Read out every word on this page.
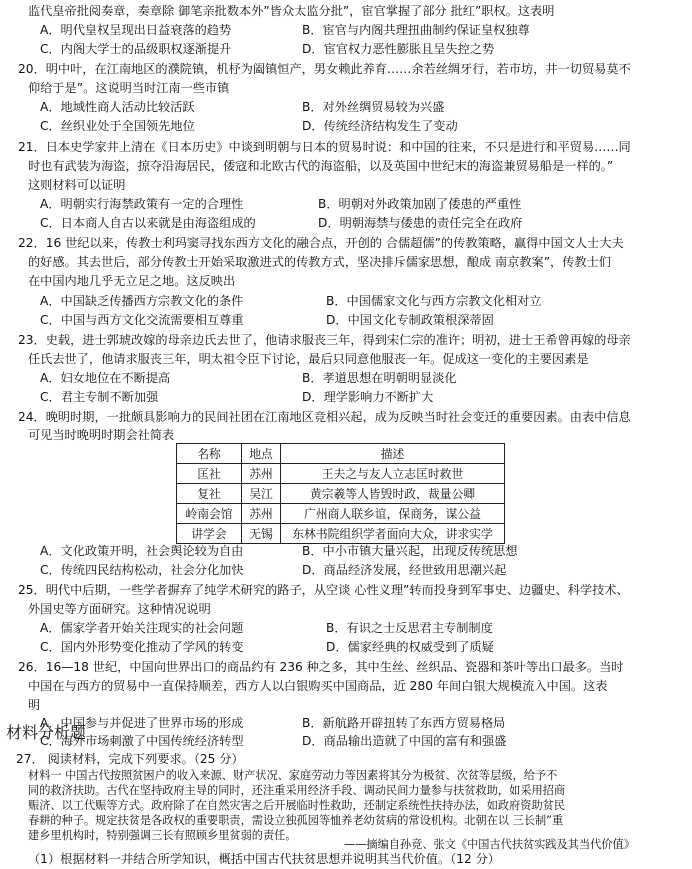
监代皇帝批阅奏章，奏章除 御笔亲批数本外”皆众太监分批”，宦官掌握了部分 批红”职权。这表明
A．明代皇权呈现出日益衰落的趋势	B．宦官与内阁共理扭曲制约保证皇权独尊
C．内阁大学士的品级职权逐渐提升	D．宦官权力恶性膨胀且呈失控之势
20．明中叶，在江南地区的濮院镇，机杼为阖镇恒产，男女赖此养育……余若丝绸牙行，若市坊，井一切贸易莫不
仰给于是”。这说明当时江南一些市镇
A．地域性商人活动比较活跃	B．对外丝绸贸易较为兴盛
C．丝织业处于全国领先地位	D．传统经济结构发生了变动
21．日本史学家井上清在《日本历史》中谈到明朝与日本的贸易时说：和中国的往来，不只是进行和平贸易……同
时也有武装为海盗，掠夺沿海居民，倭寇和北欧古代的海盗船，以及英国中世纪末的海盗兼贸易船是一样的。”
这则材料可以证明
A．明朝实行海禁政策有一定的合理性	B．明朝对外政策加剧了倭患的严重性
C．日本商人自古以来就是由海盗组成的	D．明朝海禁与倭患的责任完全在政府
22．16 世纪以来，传教士利玛窦寻找东西方文化的融合点，开创的 合儒超儒”的传教策略，赢得中国文人士大夫
的好感。其去世后，部分传教士开始采取激进式的传教方式，坚决排斥儒家思想，酿成 南京教案”，传教士们
在中国内地几乎无立足之地。这反映出
A．中国缺乏传播西方宗教文化的条件	B．中国儒家文化与西方宗教文化相对立
C．中国与西方文化交流需要相互尊重	D．中国文化专制政策根深蒂固
23．史载，进士郭琥改嫁的母亲边氏去世了，他请求服丧三年，得到宋仁宗的准许；明初，进士王希曾再嫁的母亲
任氏去世了，他请求服丧三年，明太祖令臣下讨论，最后只同意他服丧一年。促成这一变化的主要因素是
A．妇女地位在不断提高	B．孝道思想在明朝明显淡化
C．君主专制不断加强	D．理学影响力不断扩大
24．晚明时期，一批颇具影响力的民间社团在江南地区竞相兴起，成为反映当时社会变迁的重要因素。由表中信息
可见当时晚明时期会社简表
名称	地点	描述
匡社	苏州	王夫之与友人立志匡时救世
复社	吴江	黄宗羲等人皆毁时政，裁量公卿
岭南会馆	苏州	广州商人联乡谊，保商务，谋公益
讲学会	无锡	东林书院组织学者面向大众，讲求实学
A．文化政策开明，社会舆论较为自由	B．中小市镇大量兴起，出现反传统思想
C．传统四民结构松动，社会分化加快	D．商品经济发展，经世致用思潮兴起
25．明代中后期，一些学者摒弃了纯学术研究的路子，从空谈 心性义理”转而投身到军事史、边疆史、科学技术、
外国史等方面研究。这种情况说明
A．儒家学者开始关注现实的社会问题	B．有识之士反思君主专制制度
C．国内外形势变化推动了学风的转变	D．儒家经典的权威受到了质疑
26．16—18 世纪，中国向世界出口的商品约有 236 种之多，其中生丝、丝织品、瓷器和茶叶等出口最多。当时
中国在与西方的贸易中一直保持顺差，西方人以白银购买中国商品，近 280 年间白银大规模流入中国。这表
明
A．中国参与并促进了世界市场的形成	B．新航路开辟扭转了东西方贸易格局
材料分析题
C．海外市场刺激了中国传统经济转型	D．商品输出造就了中国的富有和强盛
27． 阅读材料，完成下列要求。（25 分）
材料一 中国古代按照贫困户的收入来源、财产状况、家庭劳动力等因素将其分为极贫、次贫等层级，给予不
同的救济扶助。古代在坚持政府主导的同时，还注重采用经济手段、调动民间力量参与扶贫救助，如采用招商
赈济、以工代赈等方式。政府除了在自然灾害之后开展临时性救助，还制定系统性扶持办法，如政府资助贫民
春耕的种子。规定扶贫是各政权的重要职责，需设立独孤园等恤养老幼贫病的常设机构。北朝在以 三长制”重
建乡里机构时，特别强调三长有照顾乡里贫弱的责任。
——摘编自孙竞、张文《中国古代扶贫实践及其当代价值》
（1）根据材料一并结合所学知识，概括中国古代扶贫思想并说明其当代价值。（12 分）
